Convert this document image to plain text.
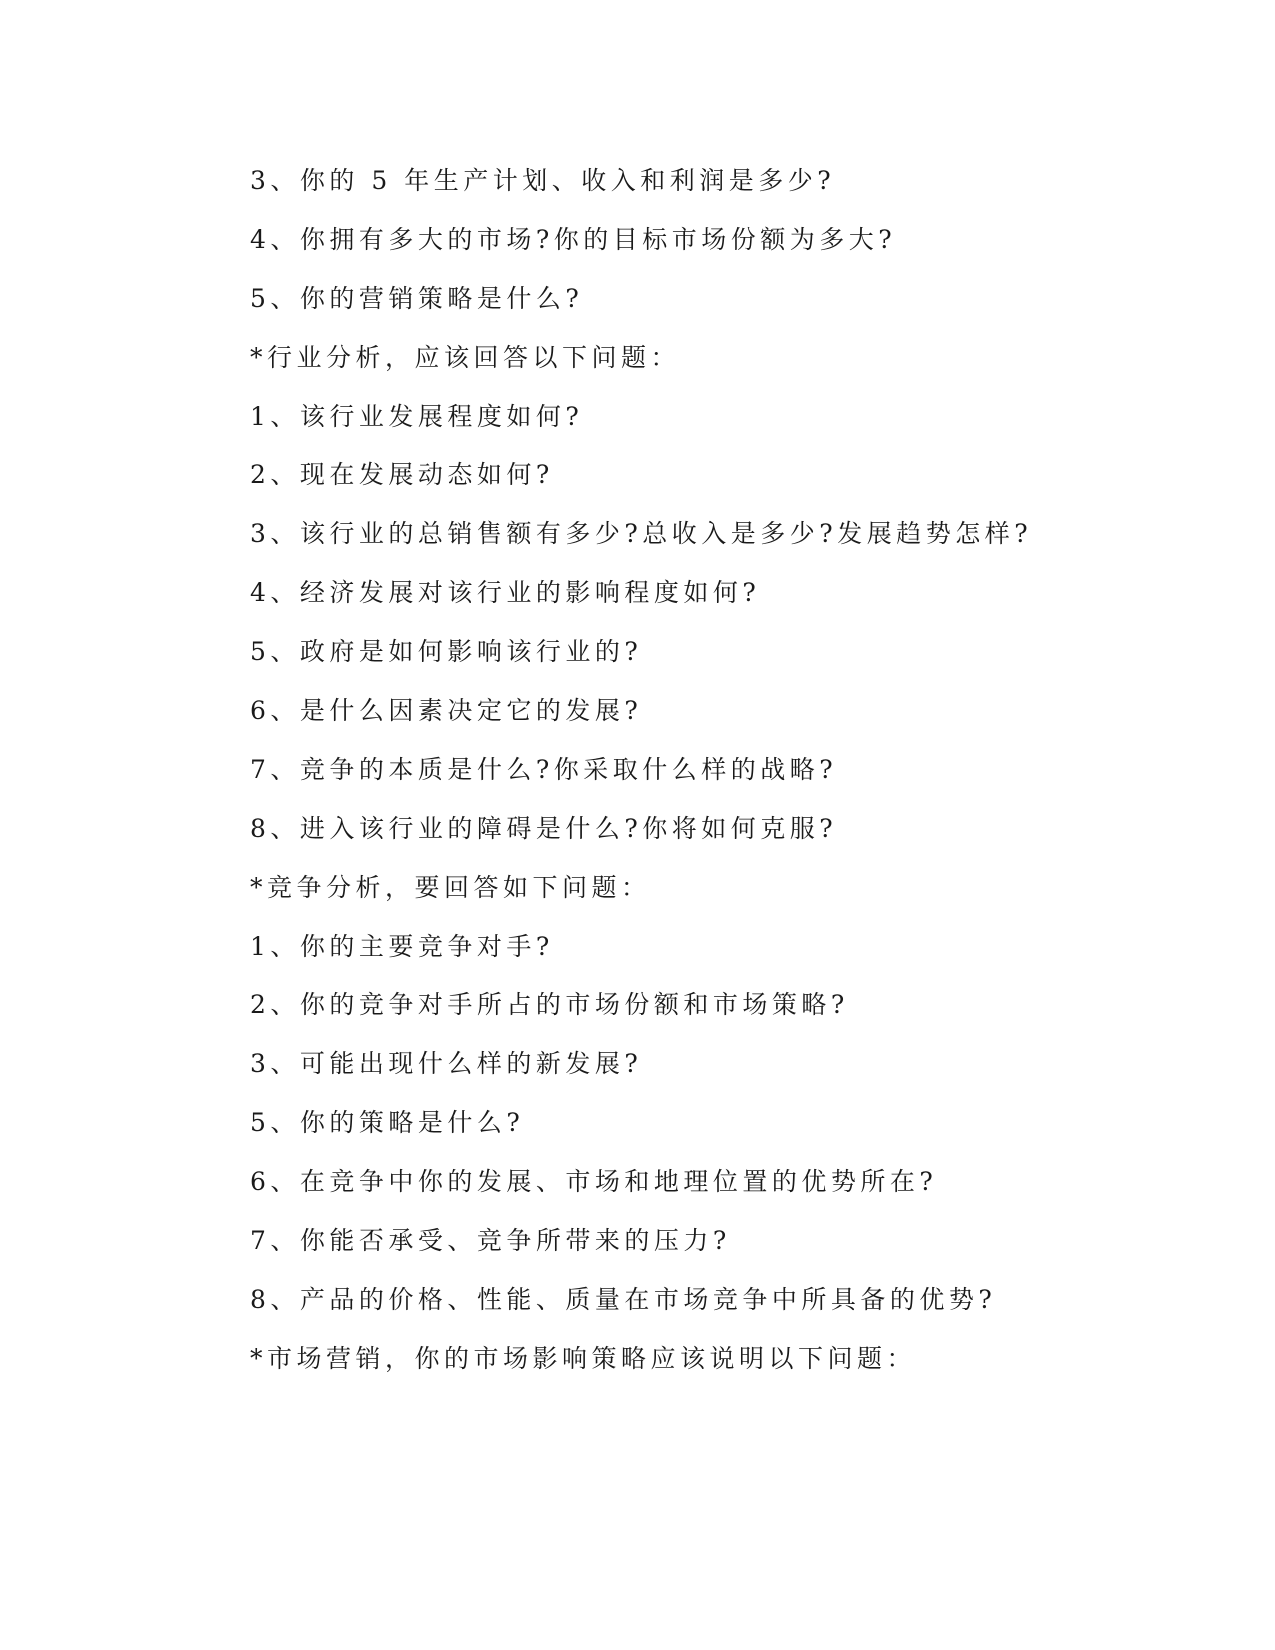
3、你的 5 年生产计划、收入和利润是多少?
4、你拥有多大的市场?你的目标市场份额为多大?
5、你的营销策略是什么?
*行业分析，应该回答以下问题：
1、该行业发展程度如何?
2、现在发展动态如何?
3、该行业的总销售额有多少?总收入是多少?发展趋势怎样?
4、经济发展对该行业的影响程度如何?
5、政府是如何影响该行业的?
6、是什么因素决定它的发展?
7、竞争的本质是什么?你采取什么样的战略?
8、进入该行业的障碍是什么?你将如何克服?
*竞争分析，要回答如下问题：
1、你的主要竞争对手?
2、你的竞争对手所占的市场份额和市场策略?
3、可能出现什么样的新发展?
5、你的策略是什么?
6、在竞争中你的发展、市场和地理位置的优势所在?
7、你能否承受、竞争所带来的压力?
8、产品的价格、性能、质量在市场竞争中所具备的优势?
*市场营销，你的市场影响策略应该说明以下问题：
